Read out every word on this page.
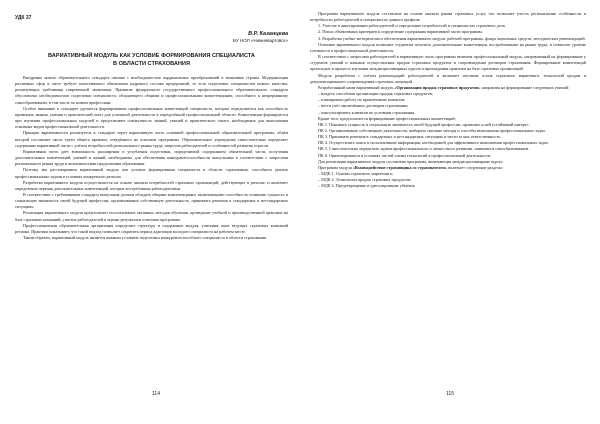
УДК 37
В.Р. Казанцева
БУ НОЛ «Нижневартовск»
ВАРИАТИВНЫЙ МОДУЛЬ КАК УСЛОВИЕ ФОРМИРОВАНИЯ СПЕЦИАЛИСТА
В ОБЛАСТИ СТРАХОВАНИЯ

Внедрение нового образовательного стандарта связано с необходимостью кардинальных преобразований в экономике страны. Модернизация различных сфер в свете требует качественного обновления кадрового состава предприятий, то есть подготовки специалистов нового качества, реализующих требования современной экономики. Принятие федерального государственного профессионального образовательного стандарта обусловлено необходимостью подготовки специалиста, обладающего общими и профессиональными компетенциями, способного к непрерывному самообразованию, в том числе по новым профессиям.

Особое внимание в стандарте уделяется формированию профессиональных компетенций специалиста, которые определяются как способность применять знания, умения и практический опыт для успешной деятельности в определённой профессиональной области. Компетенции формируются при изучении профессиональных модулей и представляют совокупность знаний, умений и практического опыта, необходимых для выполнения основных видов профессиональной деятельности.

Принцип вариативности реализуется в стандарте через вариативную часть основной профессиональной образовательной программы, объём которой составляет около трети общего времени, отведённого на освоение программы. Образовательное учреждение самостоятельно определяет содержание вариативной части с учётом потребностей регионального рынка труда, запросов работодателей и особенностей развития отрасли.

Вариативная часть даёт возможность расширения и углубления подготовки, определяемой содержанием обязательной части, получения дополнительных компетенций, умений и знаний, необходимых для обеспечения конкурентоспособности выпускника в соответствии с запросами регионального рынка труда и возможностями продолжения образования.

Поэтому мы рассматриваем вариативный модуль как условие формирования специалиста в области страхования, способного решать профессиональные задачи в условиях конкретного региона.

Разработка вариативного модуля осуществляется на основе анализа потребностей страховых организаций, действующих в регионе, и включает определение перечня дополнительных компетенций, которые востребованы работодателями.

В соответствии с требованиями стандарта выпускник должен обладать общими компетенциями, включающими способность понимать сущность и социальную значимость своей будущей профессии, организовывать собственную деятельность, принимать решения в стандартных и нестандартных ситуациях.

Реализация вариативного модуля предполагает использование активных методов обучения, проведение учебной и производственной практики на базе страховых компаний, участие работодателей в оценке результатов освоения программы.

Профессиональная образовательная организация определяет структуру и содержание модуля, учитывая опыт ведущих страховых компаний региона. Практика показывает, что такой подход позволяет сократить период адаптации молодого специалиста на рабочем месте.

Таким образом, вариативный модуль является важным условием подготовки конкурентоспособного специалиста в области страхования.

114

Программа вариативного модуля составлена на основе анализа рынка страховых услуг, что позволяет учесть региональные особенности и потребности работодателей в специалистах данного профиля.

1. Участие в анкетировании работодателей и определение потребностей в специалистах страхового дела.

2. Поиск объективных критериев и определение содержания вариативной части программы.

3. Разработка учебно-методического обеспечения вариативного модуля: рабочей программы, фонда оценочных средств, методических рекомендаций.

Освоение вариативного модуля позволяет студентам получить дополнительные компетенции, востребованные на рынке труда, и повысить уровень готовности к профессиональной деятельности.

В соответствии с запросами работодателей в вариативную часть программы включен профессиональный модуль, направленный на формирование у студентов умений и навыков осуществления продаж страховых продуктов и сопровождения договоров страхования. Формирование компетенций происходит в процессе изучения междисциплинарных курсов и прохождения практики на базе страховых организаций.

Модуль разработан с учётом рекомендаций работодателей и включает изучение основ страхового маркетинга, технологий продаж и документационного сопровождения страховых операций.

Разработанный нами вариативный модуль «Организация продаж страховых продуктов» направлен на формирование следующих умений:

– владеть способами организации продаж страховых продуктов;
– планировать работу по привлечению клиентов;
– вести учёт заключённых договоров страхования;
– консультировать клиентов по условиям страхования.

Кроме того, предполагается формирование профессиональных компетенций:

ПК 1. Понимать сущность и социальную значимость своей будущей профессии, проявлять к ней устойчивый интерес.

ПК 2. Организовывать собственную деятельность, выбирать типовые методы и способы выполнения профессиональных задач.

ПК 3. Принимать решения в стандартных и нестандартных ситуациях и нести за них ответственность.

ПК 4. Осуществлять поиск и использование информации, необходимой для эффективного выполнения профессиональных задач.

ПК 5. Самостоятельно определять задачи профессионального и личностного развития, заниматься самообразованием.

ПК 6. Ориентироваться в условиях частой смены технологий в профессиональной деятельности.

Для реализации вариативного модуля составлена программа, включающая междисциплинарные курсы:

Программа модуля «Взаимодействие страховщика со страхователем» включает следующие разделы:

– МДК 1. Основы страхового маркетинга;
– МДК 2. Технологии продаж страховых продуктов;
– МДК 3. Предотвращение и урегулирование убытков.
115
